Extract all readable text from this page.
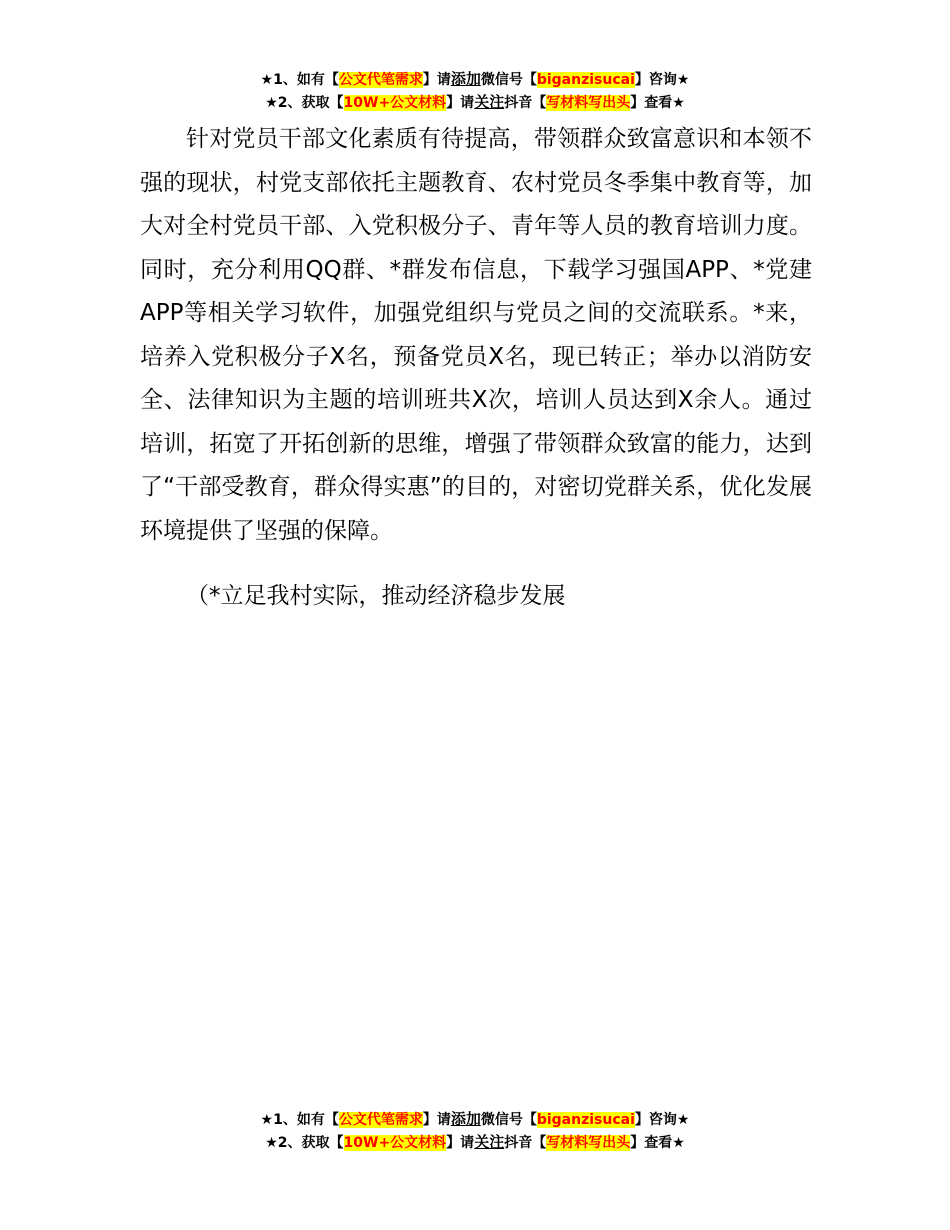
★1、如有【公文代笔需求】请添加微信号【biganzisucai】咨询★
★2、获取【10W+公文材料】请关注抖音【写材料写出头】查看★

针对党员干部文化素质有待提高，带领群众致富意识和本领不强的现状，村党支部依托主题教育、农村党员冬季集中教育等，加大对全村党员干部、入党积极分子、青年等人员的教育培训力度。同时，充分利用QQ群、*群发布信息，下载学习强国APP、*党建APP等相关学习软件，加强党组织与党员之间的交流联系。*来，培养入党积极分子X名，预备党员X名，现已转正；举办以消防安全、法律知识为主题的培训班共X次，培训人员达到X余人。通过培训，拓宽了开拓创新的思维，增强了带领群众致富的能力，达到了“干部受教育，群众得实惠”的目的，对密切党群关系，优化发展环境提供了坚强的保障。

（*立足我村实际，推动经济稳步发展

★1、如有【公文代笔需求】请添加微信号【biganzisucai】咨询★
★2、获取【10W+公文材料】请关注抖音【写材料写出头】查看★
